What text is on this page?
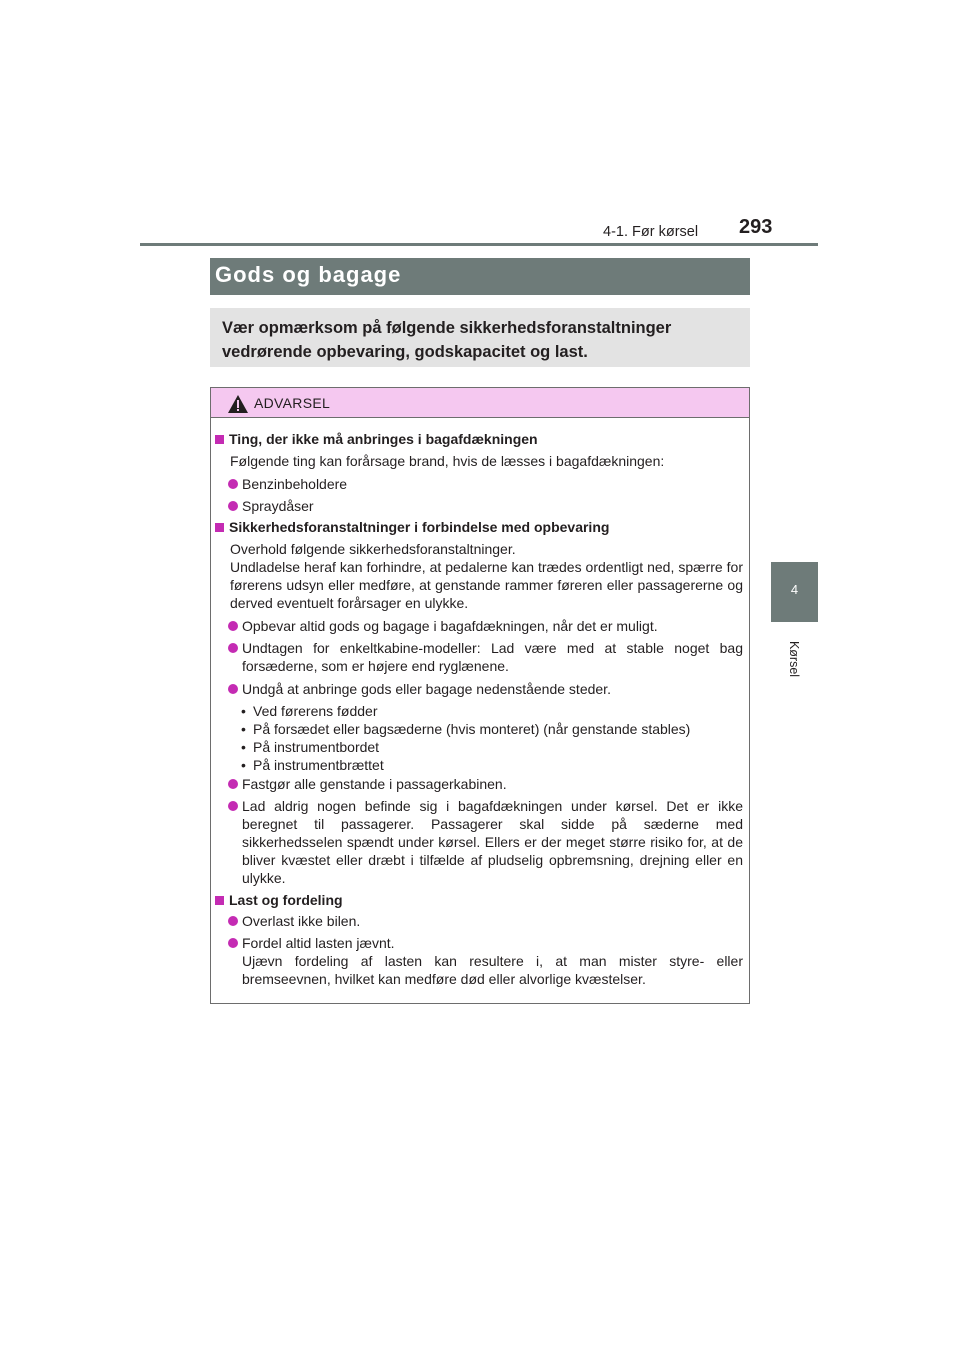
4-1. Før kørsel 293
4
Kørsel
Gods og bagage

Vær opmærksom på følgende sikkerhedsforanstaltninger vedrørende opbevaring, godskapacitet og last.

ADVARSEL
Ting, der ikke må anbringes i bagafdækningen
Følgende ting kan forårsage brand, hvis de læsses i bagafdækningen:
Benzinbeholdere
Spraydåser
Sikkerhedsforanstaltninger i forbindelse med opbevaring
Overhold følgende sikkerhedsforanstaltninger.
Undladelse heraf kan forhindre, at pedalerne kan trædes ordentligt ned, spærre for førerens udsyn eller medføre, at genstande rammer føreren eller passagererne og derved eventuelt forårsager en ulykke.
Opbevar altid gods og bagage i bagafdækningen, når det er muligt.
Undtagen for enkeltkabine-modeller: Lad være med at stable noget bag forsæderne, som er højere end ryglænene.
Undgå at anbringe gods eller bagage nedenstående steder.
• Ved førerens fødder
• På forsædet eller bagsæderne (hvis monteret) (når genstande stables)
• På instrumentbordet
• På instrumentbrættet
Fastgør alle genstande i passagerkabinen.
Lad aldrig nogen befinde sig i bagafdækningen under kørsel. Det er ikke beregnet til passagerer. Passagerer skal sidde på sæderne med sikkerhedsselen spændt under kørsel. Ellers er der meget større risiko for, at de bliver kvæstet eller dræbt i tilfælde af pludselig opbremsning, drejning eller en ulykke.
Last og fordeling
Overlast ikke bilen.
Fordel altid lasten jævnt.
Ujævn fordeling af lasten kan resultere i, at man mister styre- eller bremseevnen, hvilket kan medføre død eller alvorlige kvæstelser.
